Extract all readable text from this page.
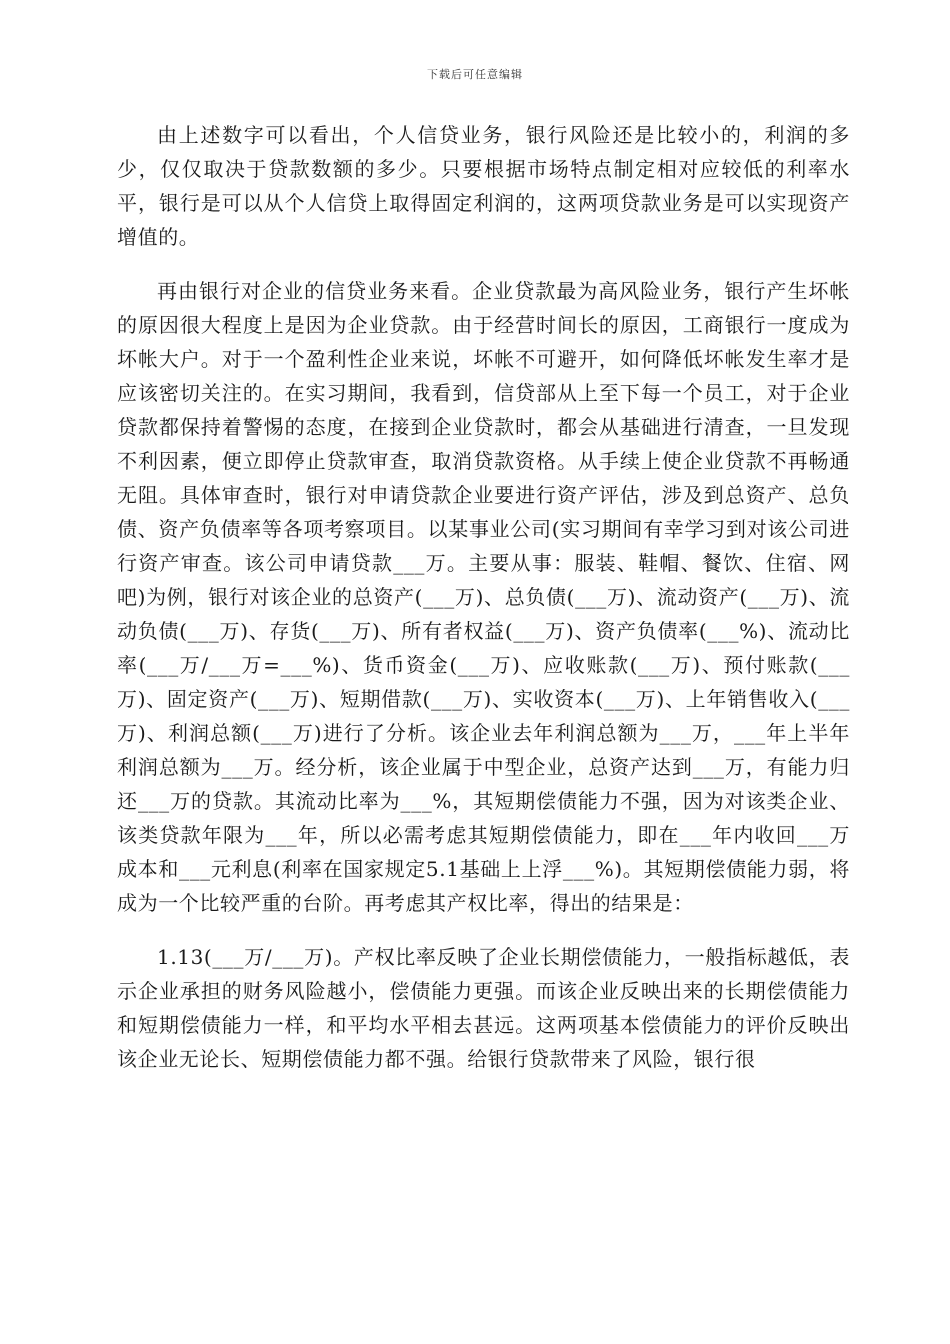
下载后可任意编辑

由上述数字可以看出，个人信贷业务，银行风险还是比较小的，利润的多少，仅仅取决于贷款数额的多少。只要根据市场特点制定相对应较低的利率水平，银行是可以从个人信贷上取得固定利润的，这两项贷款业务是可以实现资产增值的。

再由银行对企业的信贷业务来看。企业贷款最为高风险业务，银行产生坏帐的原因很大程度上是因为企业贷款。由于经营时间长的原因，工商银行一度成为坏帐大户。对于一个盈利性企业来说，坏帐不可避开，如何降低坏帐发生率才是应该密切关注的。在实习期间，我看到，信贷部从上至下每一个员工，对于企业贷款都保持着警惕的态度，在接到企业贷款时，都会从基础进行清查，一旦发现不利因素，便立即停止贷款审查，取消贷款资格。从手续上使企业贷款不再畅通无阻。具体审查时，银行对申请贷款企业要进行资产评估，涉及到总资产、总负债、资产负债率等各项考察项目。以某事业公司(实习期间有幸学习到对该公司进行资产审查。该公司申请贷款___万。主要从事：服装、鞋帽、餐饮、住宿、网吧)为例，银行对该企业的总资产(___万)、总负债(___万)、流动资产(___万)、流动负债(___万)、存货(___万)、所有者权益(___万)、资产负债率(___%)、流动比率(___万/___万=___%)、货币资金(___万)、应收账款(___万)、预付账款(___万)、固定资产(___万)、短期借款(___万)、实收资本(___万)、上年销售收入(___万)、利润总额(___万)进行了分析。该企业去年利润总额为___万，___年上半年利润总额为___万。经分析，该企业属于中型企业，总资产达到___万，有能力归还___万的贷款。其流动比率为___%，其短期偿债能力不强，因为对该类企业、该类贷款年限为___年，所以必需考虑其短期偿债能力，即在___年内收回___万成本和___元利息(利率在国家规定5.1基础上上浮___%)。其短期偿债能力弱，将成为一个比较严重的台阶。再考虑其产权比率，得出的结果是：

1.13(___万/___万)。产权比率反映了企业长期偿债能力，一般指标越低，表示企业承担的财务风险越小，偿债能力更强。而该企业反映出来的长期偿债能力和短期偿债能力一样，和平均水平相去甚远。这两项基本偿债能力的评价反映出该企业无论长、短期偿债能力都不强。给银行贷款带来了风险，银行很
